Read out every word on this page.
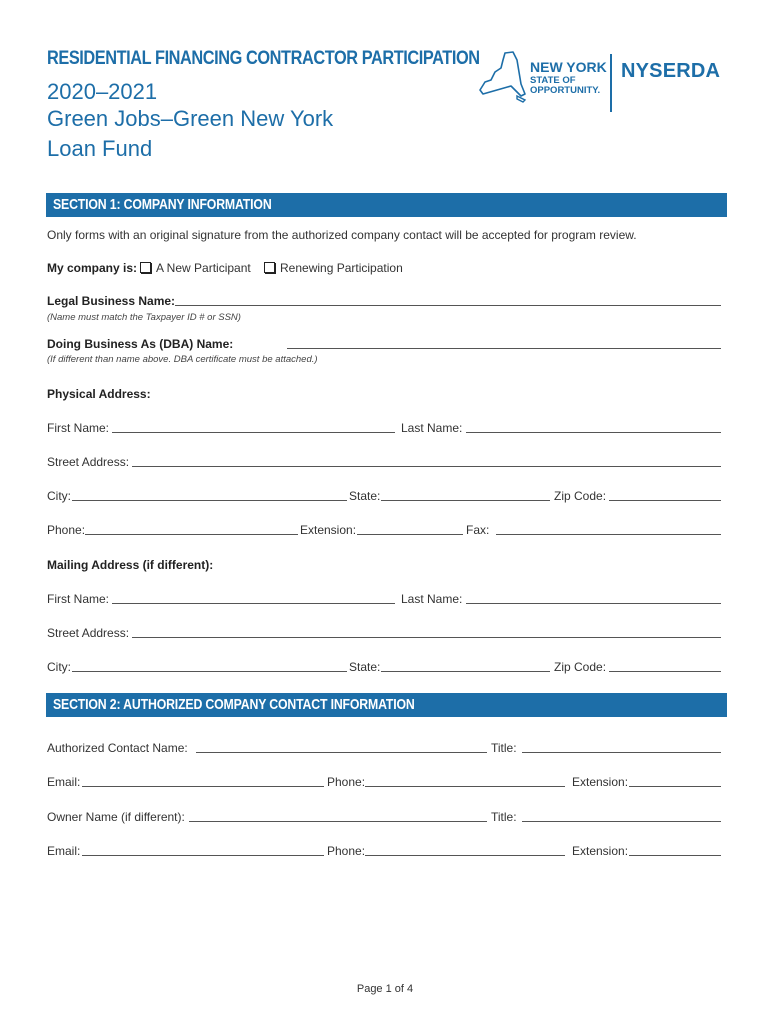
RESIDENTIAL FINANCING CONTRACTOR PARTICIPATION
2020–2021
Green Jobs–Green New York
Loan Fund
NEW YORK
STATE OF
OPPORTUNITY.
NYSERDA
SECTION 1: COMPANY INFORMATION
Only forms with an original signature from the authorized company contact will be accepted for program review.
My company is:	A New Participant	Renewing Participation
Legal Business Name:
(Name must match the Taxpayer ID # or SSN)
Doing Business As (DBA) Name:
(If different than name above. DBA certificate must be attached.)
Physical Address:
First Name:	Last Name:
Street Address:
City:	State:	Zip Code:
Phone:	Extension:	Fax:
Mailing Address (if different):
First Name:	Last Name:
Street Address:
City:	State:	Zip Code:
SECTION 2: AUTHORIZED COMPANY CONTACT INFORMATION
Authorized Contact Name:	Title:
Email:	Phone:	Extension:
Owner Name (if different):	Title:
Email:	Phone:	Extension:
Page 1 of 4
